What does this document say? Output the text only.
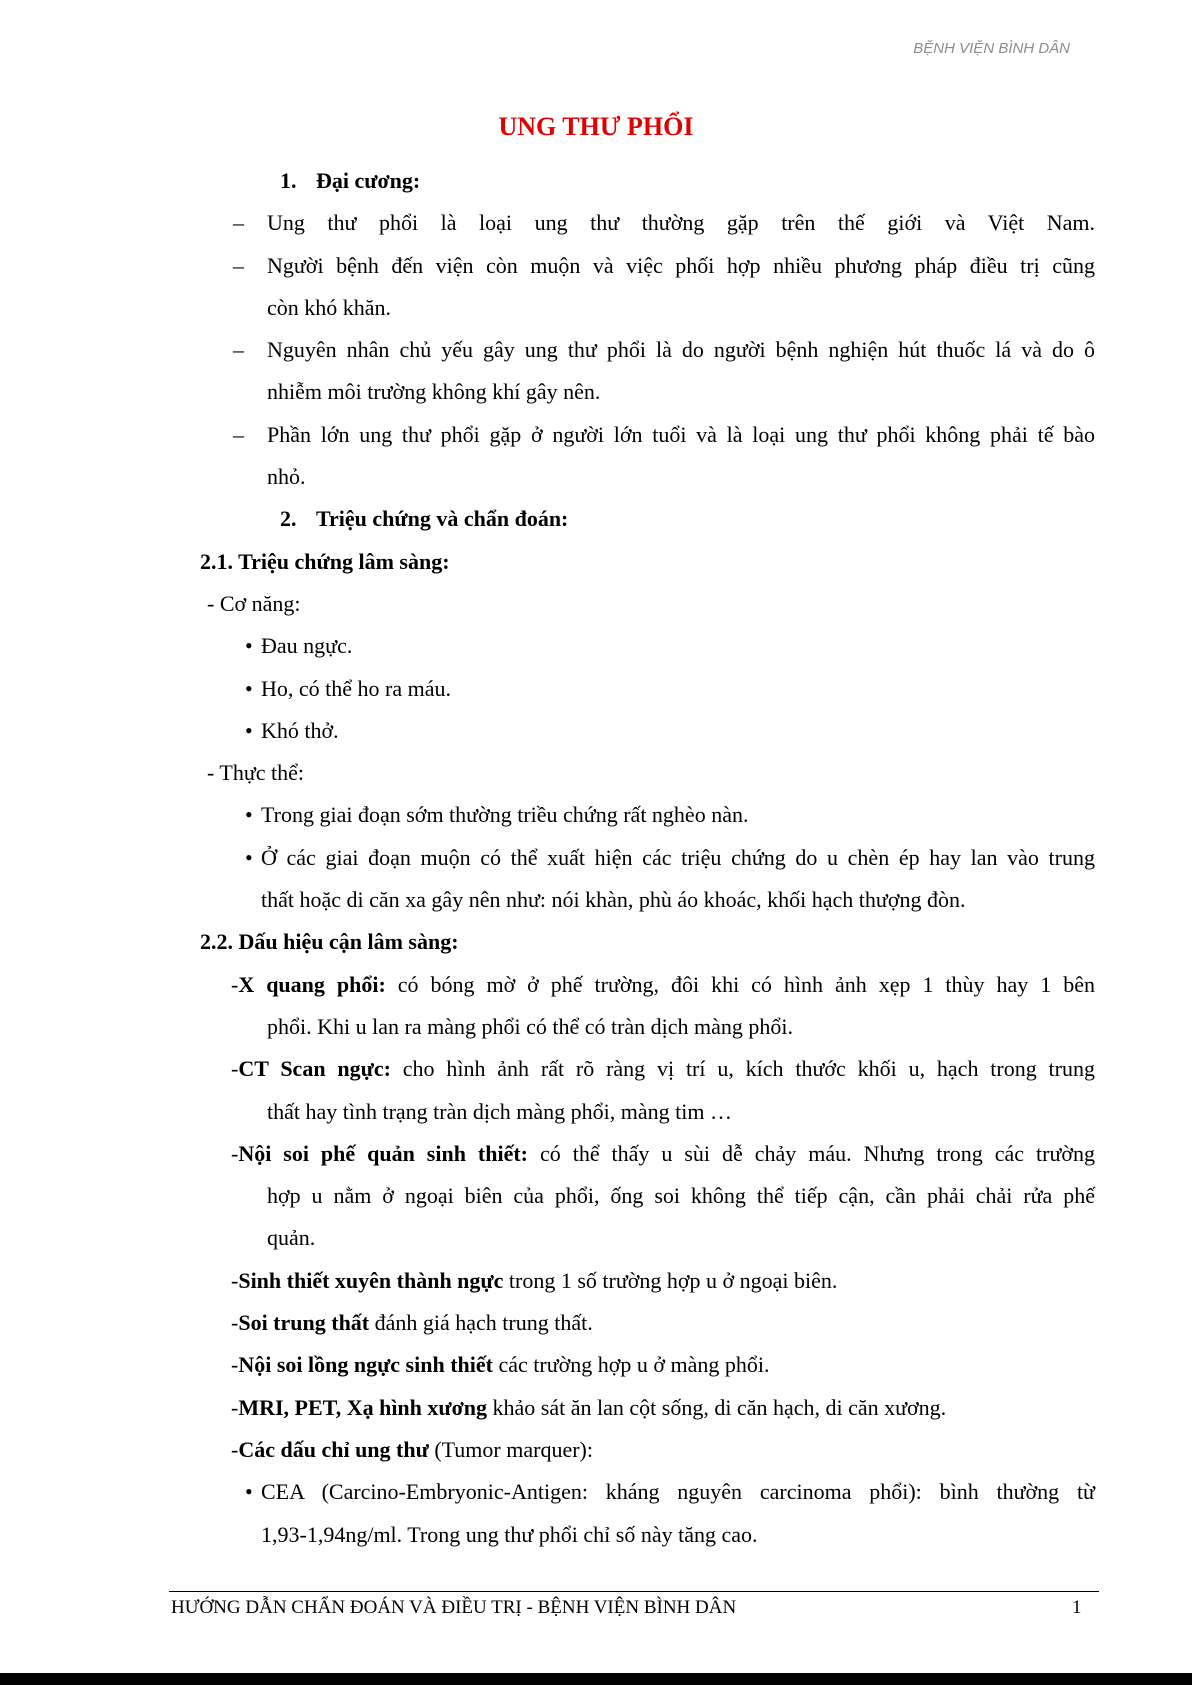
BỆNH VIỆN BÌNH DÂN
UNG THƯ PHỔI
1. Đại cương:
– Ung thư phổi là loại ung thư thường gặp trên thế giới và Việt Nam.
– Người bệnh đến viện còn muộn và việc phối hợp nhiều phương pháp điều trị cũng
còn khó khăn.
– Nguyên nhân chủ yếu gây ung thư phổi là do người bệnh nghiện hút thuốc lá và do ô
nhiễm môi trường không khí gây nên.
– Phần lớn ung thư phổi gặp ở người lớn tuổi và là loại ung thư phổi không phải tế bào
nhỏ.
2. Triệu chứng và chẩn đoán:
2.1. Triệu chứng lâm sàng:
- Cơ năng:
• Đau ngực.
• Ho, có thể ho ra máu.
• Khó thở.
- Thực thể:
• Trong giai đoạn sớm thường triều chứng rất nghèo nàn.
• Ở các giai đoạn muộn có thể xuất hiện các triệu chứng do u chèn ép hay lan vào trung
thất hoặc di căn xa gây nên như: nói khàn, phù áo khoác, khối hạch thượng đòn.
2.2. Dấu hiệu cận lâm sàng:
-X quang phổi: có bóng mờ ở phế trường, đôi khi có hình ảnh xẹp 1 thùy hay 1 bên
phổi. Khi u lan ra màng phổi có thể có tràn dịch màng phổi.
-CT Scan ngực: cho hình ảnh rất rõ ràng vị trí u, kích thước khối u, hạch trong trung
thất hay tình trạng tràn dịch màng phổi, màng tim …
-Nội soi phế quản sinh thiết: có thể thấy u sùi dễ chảy máu. Nhưng trong các trường
hợp u nằm ở ngoại biên của phổi, ống soi không thể tiếp cận, cần phải chải rửa phế
quản.
-Sinh thiết xuyên thành ngực trong 1 số trường hợp u ở ngoại biên.
-Soi trung thất đánh giá hạch trung thất.
-Nội soi lồng ngực sinh thiết các trường hợp u ở màng phổi.
-MRI, PET, Xạ hình xương khảo sát ăn lan cột sống, di căn hạch, di căn xương.
-Các dấu chỉ ung thư (Tumor marquer):
• CEA (Carcino-Embryonic-Antigen: kháng nguyên carcinoma phổi): bình thường từ
1,93-1,94ng/ml. Trong ung thư phổi chỉ số này tăng cao.
HƯỚNG DẪN CHẨN ĐOÁN VÀ ĐIỀU TRỊ - BỆNH VIỆN BÌNH DÂN	1
